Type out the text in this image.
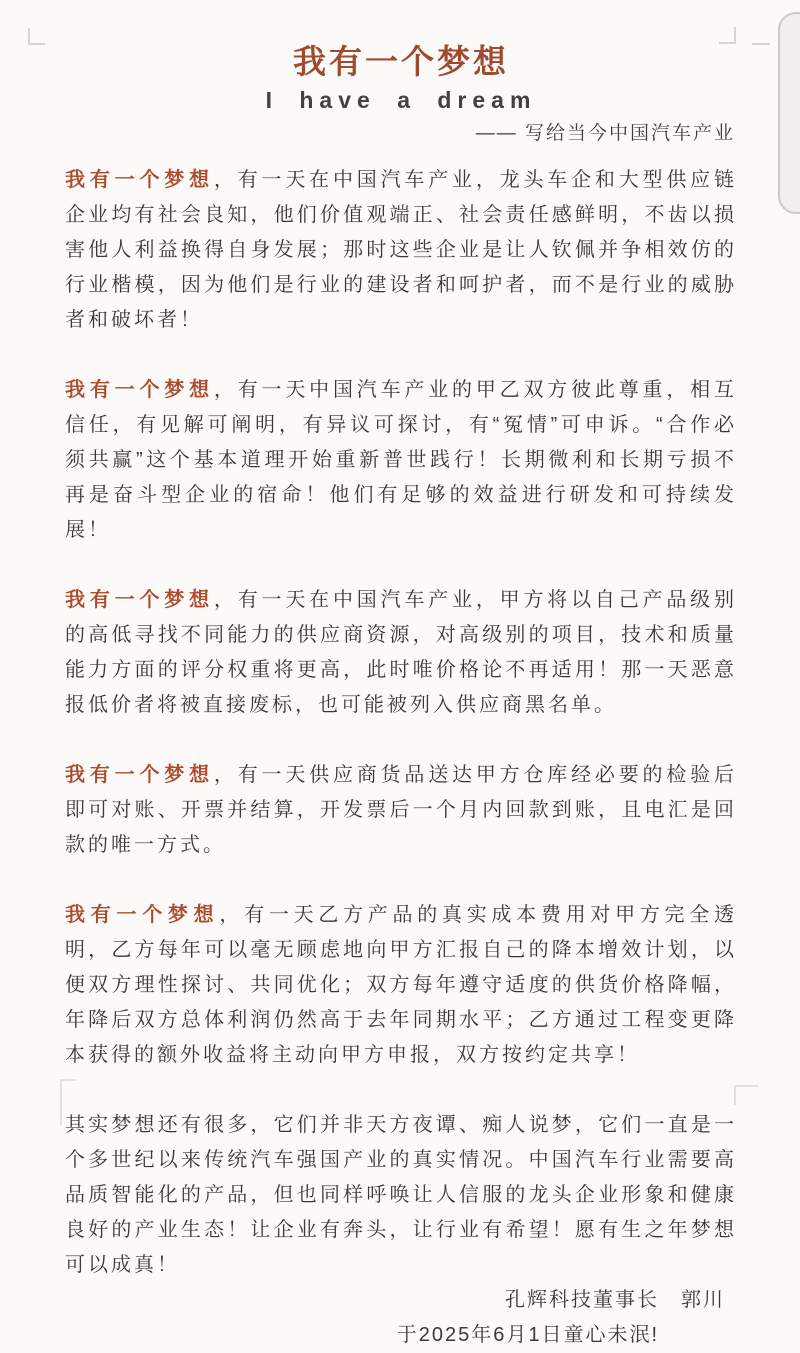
我有一个梦想
I have a dream
—— 写给当今中国汽车产业

我有一个梦想，有一天在中国汽车产业，龙头车企和大型供应链企业均有社会良知，他们价值观端正、社会责任感鲜明，不齿以损害他人利益换得自身发展；那时这些企业是让人钦佩并争相效仿的行业楷模，因为他们是行业的建设者和呵护者，而不是行业的威胁者和破坏者！

我有一个梦想，有一天中国汽车产业的甲乙双方彼此尊重，相互信任，有见解可阐明，有异议可探讨，有“冤情”可申诉。“合作必须共赢”这个基本道理开始重新普世践行！长期微利和长期亏损不再是奋斗型企业的宿命！他们有足够的效益进行研发和可持续发展！

我有一个梦想，有一天在中国汽车产业，甲方将以自己产品级别的高低寻找不同能力的供应商资源，对高级别的项目，技术和质量能力方面的评分权重将更高，此时唯价格论不再适用！那一天恶意报低价者将被直接废标，也可能被列入供应商黑名单。

我有一个梦想，有一天供应商货品送达甲方仓库经必要的检验后即可对账、开票并结算，开发票后一个月内回款到账，且电汇是回款的唯一方式。

我有一个梦想，有一天乙方产品的真实成本费用对甲方完全透明，乙方每年可以毫无顾虑地向甲方汇报自己的降本增效计划，以便双方理性探讨、共同优化；双方每年遵守适度的供货价格降幅，年降后双方总体利润仍然高于去年同期水平；乙方通过工程变更降本获得的额外收益将主动向甲方申报，双方按约定共享！

其实梦想还有很多，它们并非天方夜谭、痴人说梦，它们一直是一个多世纪以来传统汽车强国产业的真实情况。中国汽车行业需要高品质智能化的产品，但也同样呼唤让人信服的龙头企业形象和健康良好的产业生态！让企业有奔头，让行业有希望！愿有生之年梦想可以成真！

孔辉科技董事长　郭川
于2025年6月1日童心未泯!
